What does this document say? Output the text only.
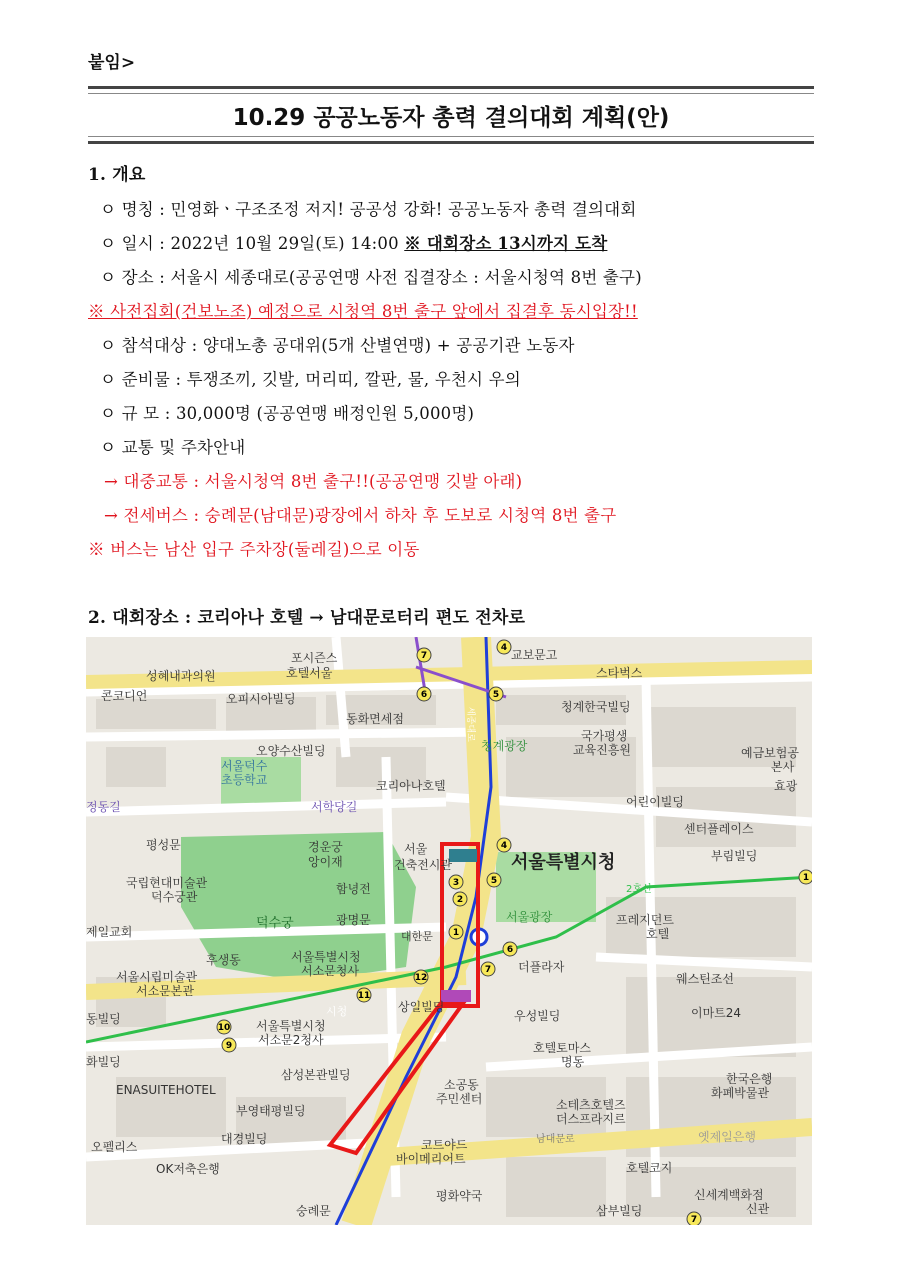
붙임>
10.29 공공노동자 총력 결의대회 계획(안)
1. 개요
ㅇ 명칭 : 민영화ㆍ구조조정 저지! 공공성 강화! 공공노동자 총력 결의대회
ㅇ 일시 : 2022년 10월 29일(토) 14:00 ※ 대회장소 13시까지 도착
ㅇ 장소 : 서울시 세종대로(공공연맹 사전 집결장소 : 서울시청역 8번 출구)
※ 사전집회(건보노조) 예정으로 시청역 8번 출구 앞에서 집결후 동시입장!!
ㅇ 참석대상 : 양대노총 공대위(5개 산별연맹) + 공공기관 노동자
ㅇ 준비물 : 투쟁조끼, 깃발, 머리띠, 깔판, 물, 우천시 우의
ㅇ 규 모 : 30,000명 (공공연맹 배정인원 5,000명)
ㅇ 교통 및 주차안내
→ 대중교통 : 서울시청역 8번 출구!!(공공연맹 깃발 아래)
→ 전세버스 : 숭례문(남대문)광장에서 하차 후 도보로 시청역 8번 출구
※ 버스는 남산 입구 주차장(둘레길)으로 이동
2. 대회장소 : 코리아나 호텔 → 남대문로터리 편도 전차로
7
6	5
4
4
5
3
2
1
6
7
12
11
10
9
1
7
포시즌스
호텔서울
교보문고
성혜내과의원	스타벅스
콘코디언	오피시아빌딩
동화면세점
청계한국빌딩
청계광장
국가평생
교육진흥원	예금보험공
본사
효광
오양수산빌딩
서울덕수
초등학교	코리아나호텔
어린이빌딩
정동길	서학당길
센터플레이스
평성문	경운궁
앙이재
서울
건축전시관	서울특별시청	부림빌딩
국립현대미술관
덕수궁관
함녕전	2호선
덕수궁	광명문	서울광장	프레지던트
호텔
대한문
제일교회
후생동	서울특별시청
서소문청사	더플라자
웨스틴조선
서울시립미술관
서소문본관
시청	상일빌딩
우성빌딩	이마트24
동빌딩	서울특별시청
서소문2청사
호텔토마스
명동
화빌딩
삼성본관빌딩
소공동
주민센터
한국은행
화폐박물관
ENASUITEHOTEL
부영태평빌딩	소테츠호텔즈
더스프라지르
오펠리스
대경빌딩	코트야드
바이메리어트
남대문로	옛제일은행
OK저축은행	호텔코지
평화약국	신세계백화점
신관
숭례문	삼부빌딩
세종대로
